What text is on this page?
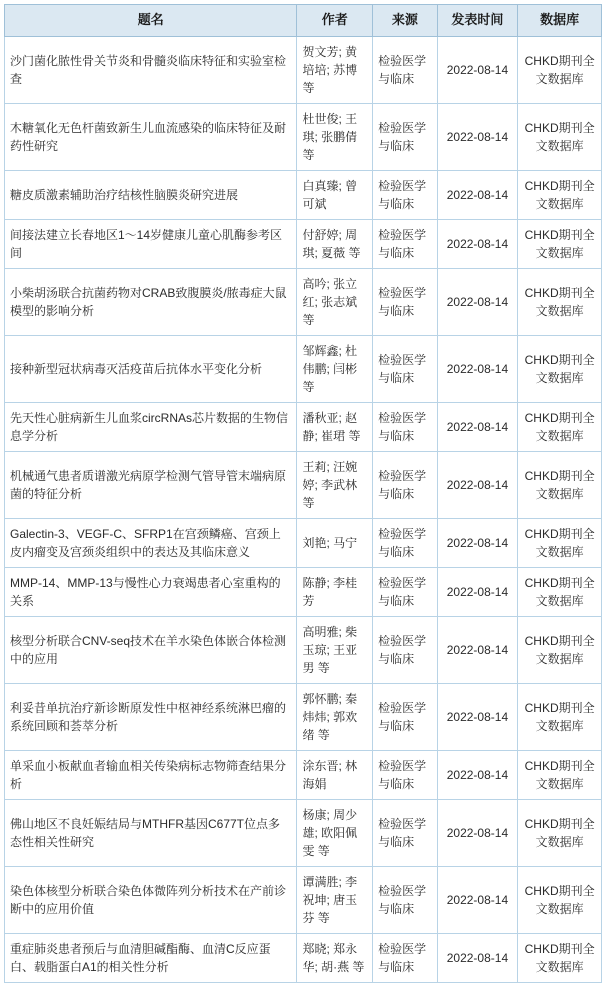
题名	作者	来源	发表时间	数据库
沙门菌化脓性骨关节炎和骨髓炎临床特征和实验室检查	贺文芳; 黄培培; 苏博 等	检验医学与临床	2022-08-14	CHKD期刊全文数据库
木糖氧化无色杆菌致新生儿血流感染的临床特征及耐药性研究	杜世俊; 王琪; 张鹏倩 等	检验医学与临床	2022-08-14	CHKD期刊全文数据库
糖皮质激素辅助治疗结核性脑膜炎研究进展	白真臻; 曾可斌	检验医学与临床	2022-08-14	CHKD期刊全文数据库
间接法建立长春地区1～14岁健康儿童心肌酶参考区间	付舒婷; 周琪; 夏薇 等	检验医学与临床	2022-08-14	CHKD期刊全文数据库
小柴胡汤联合抗菌药物对CRAB致腹膜炎/脓毒症大鼠模型的影响分析	高吟; 张立红; 张志斌 等	检验医学与临床	2022-08-14	CHKD期刊全文数据库
接种新型冠状病毒灭活疫苗后抗体水平变化分析	邹辉鑫; 杜伟鹏; 闫彬 等	检验医学与临床	2022-08-14	CHKD期刊全文数据库
先天性心脏病新生儿血浆circRNAs芯片数据的生物信息学分析	潘秋亚; 赵静; 崔珺 等	检验医学与临床	2022-08-14	CHKD期刊全文数据库
机械通气患者质谱激光病原学检测气管导管末端病原菌的特征分析	王莉; 汪婉婷; 李武林 等	检验医学与临床	2022-08-14	CHKD期刊全文数据库
Galectin-3、VEGF-C、SFRP1在宫颈鳞癌、宫颈上皮内瘤变及宫颈炎组织中的表达及其临床意义	刘艳; 马宁	检验医学与临床	2022-08-14	CHKD期刊全文数据库
MMP-14、MMP-13与慢性心力衰竭患者心室重构的关系	陈静; 李桂芳	检验医学与临床	2022-08-14	CHKD期刊全文数据库
核型分析联合CNV-seq技术在羊水染色体嵌合体检测中的应用	高明雅; 柴玉琼; 王亚男 等	检验医学与临床	2022-08-14	CHKD期刊全文数据库
利妥昔单抗治疗新诊断原发性中枢神经系统淋巴瘤的系统回顾和荟萃分析	郭怀鹏; 秦炜炜; 郭欢绪 等	检验医学与临床	2022-08-14	CHKD期刊全文数据库
单采血小板献血者输血相关传染病标志物筛查结果分析	涂东晋; 林海娟	检验医学与临床	2022-08-14	CHKD期刊全文数据库
佛山地区不良妊娠结局与MTHFR基因C677T位点多态性相关性研究	杨康; 周少雄; 欧阳佩雯 等	检验医学与临床	2022-08-14	CHKD期刊全文数据库
染色体核型分析联合染色体微阵列分析技术在产前诊断中的应用价值	谭满胜; 李祝坤; 唐玉芬 等	检验医学与临床	2022-08-14	CHKD期刊全文数据库
重症肺炎患者预后与血清胆碱酯酶、血清C反应蛋白、载脂蛋白A1的相关性分析	郑晓; 郑永华; 胡·燕 等	检验医学与临床	2022-08-14	CHKD期刊全文数据库
